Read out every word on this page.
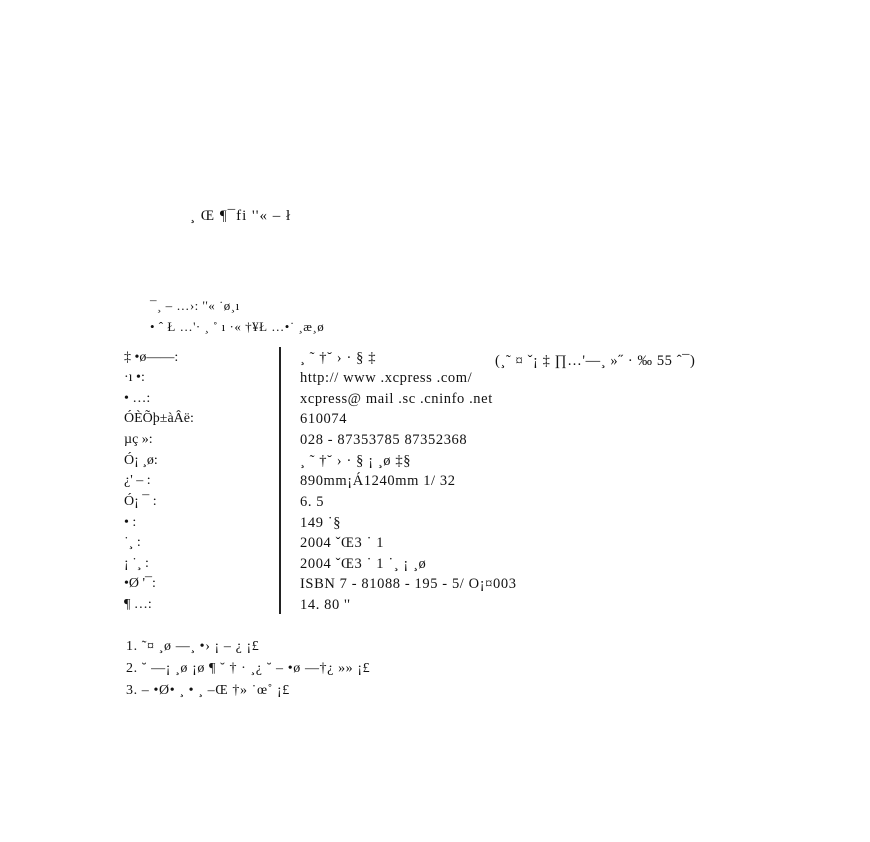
¸ Œ ¶¯fi ''« – ł
¯¸ – …›: ''« ˙ø¸ı
• ˆ Ł …'· ¸ ˚ ı ·« †¥Ł …•˙ ¸æ¸ø
‡ •ø——:	¸ ˜ †˘ › · § ‡	(¸˜ ¤ ˇ¡ ‡ ∏…'—¸ »˝ · ‰ 55 ˆ¯)
·ı •:	http:// www .xcpress .com/
• …:	xcpress@ mail .sc .cninfo .net
ÓÈÕþ±àÂë:	610074
µç »:	028 - 87353785 87352368
Ó¡ ¸ø:	¸ ˜ †˘ › · § ¡ ¸ø ‡§
¿' – :	890mm¡Á1240mm 1/ 32
Ó¡ ¯ :	6. 5
• :	149 ˙§
˙¸ :	2004 ˇŒ3 ˙ 1
¡ ˙¸ :	2004 ˇŒ3 ˙ 1 ˙¸ ¡ ¸ø
•Ø '¯:	ISBN 7 - 81088 - 195 - 5/ O¡¤003
¶ …:	14. 80 ''
1. ˜¤ ¸ø —¸ •› ¡ – ¿ ¡£
2. ˘ —¡ ¸ø ¡ø ¶ ˘ † · ¸¿ ˘ – •ø —†¿ »» ¡£
3. – •Ø• ¸ • ¸ –Œ †» ˙œ˚ ¡£
